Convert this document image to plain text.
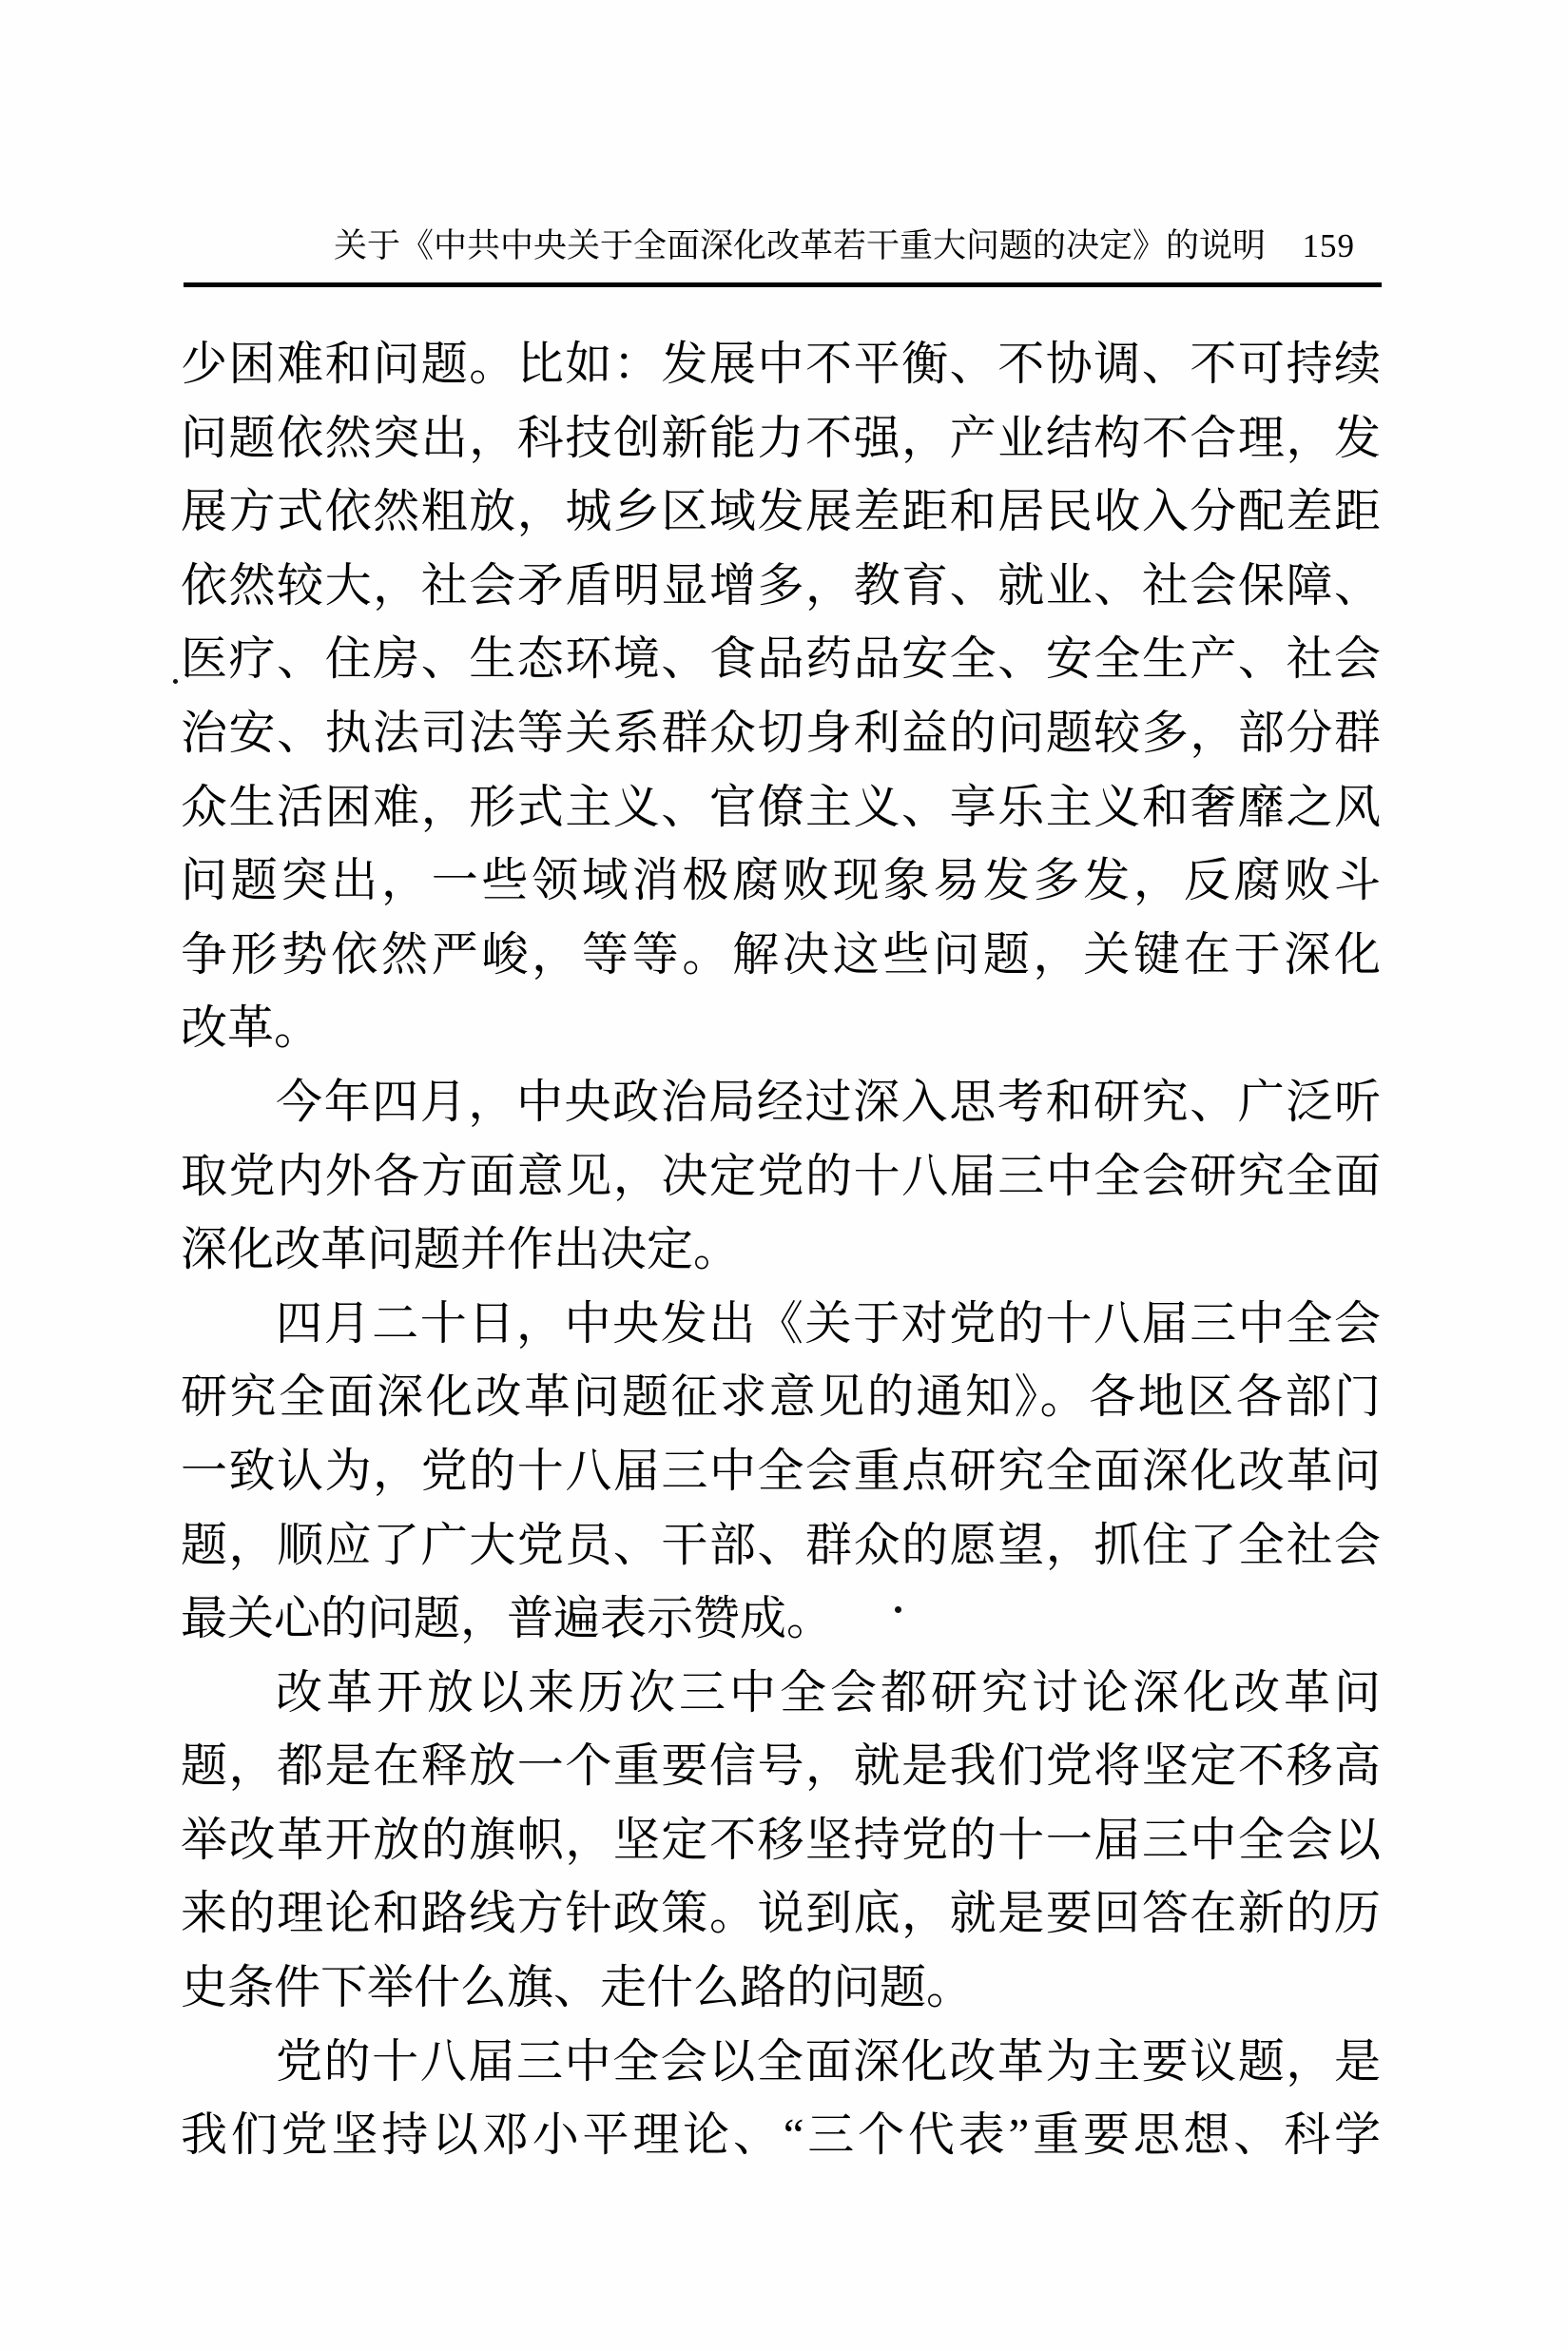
关于《中共中央关于全面深化改革若干重大问题的决定》的说明	159
少困难和问题。比如：发展中不平衡、不协调、不可持续
问题依然突出，科技创新能力不强，产业结构不合理，发
展方式依然粗放，城乡区域发展差距和居民收入分配差距
依然较大，社会矛盾明显增多，教育、就业、社会保障、
医疗、住房、生态环境、食品药品安全、安全生产、社会
治安、执法司法等关系群众切身利益的问题较多，部分群
众生活困难，形式主义、官僚主义、享乐主义和奢靡之风
问题突出，一些领域消极腐败现象易发多发，反腐败斗
争形势依然严峻，等等。解决这些问题，关键在于深化
改革。
今年四月，中央政治局经过深入思考和研究、广泛听
取党内外各方面意见，决定党的十八届三中全会研究全面
深化改革问题并作出决定。
四月二十日，中央发出《关于对党的十八届三中全会
研究全面深化改革问题征求意见的通知》。各地区各部门
一致认为，党的十八届三中全会重点研究全面深化改革问
题，顺应了广大党员、干部、群众的愿望，抓住了全社会
最关心的问题，普遍表示赞成。
改革开放以来历次三中全会都研究讨论深化改革问
题，都是在释放一个重要信号，就是我们党将坚定不移高
举改革开放的旗帜，坚定不移坚持党的十一届三中全会以
来的理论和路线方针政策。说到底，就是要回答在新的历
史条件下举什么旗、走什么路的问题。
党的十八届三中全会以全面深化改革为主要议题，是
我们党坚持以邓小平理论、“三个代表”重要思想、科学
